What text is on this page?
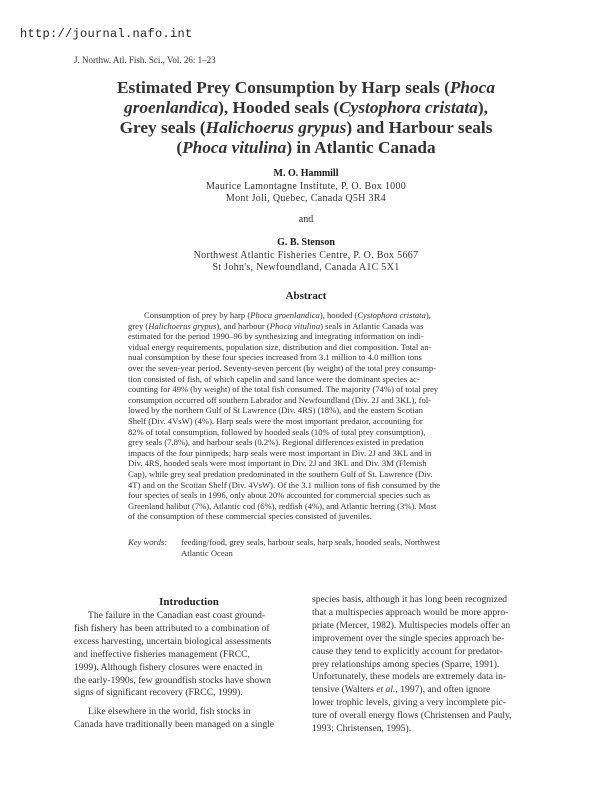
http://journal.nafo.int
J. Northw. Atl. Fish. Sci., Vol. 26: 1–23
Estimated Prey Consumption by Harp seals (Phoca
groenlandica), Hooded seals (Cystophora cristata),
Grey seals (Halichoerus grypus) and Harbour seals
(Phoca vitulina) in Atlantic Canada
M. O. Hammill
Maurice Lamontagne Institute, P. O. Box 1000
Mont Joli, Quebec, Canada Q5H 3R4
and
G. B. Stenson
Northwest Atlantic Fisheries Centre, P. O. Box 5667
St John's, Newfoundland, Canada A1C 5X1
Abstract
Consumption of prey by harp (Phoca groenlandica), hooded (Cystophora cristata),
grey (Halichoerus grypus), and harbour (Phoca vitulina) seals in Atlantic Canada was
estimated for the period 1990–96 by synthesizing and integrating information on indi-
vidual energy requirements, population size, distribution and diet composition. Total an-
nual consumption by these four species increased from 3.1 million to 4.0 million tons
over the seven-year period. Seventy-seven percent (by weight) of the total prey consump-
tion consisted of fish, of which capelin and sand lance were the dominant species ac-
counting for 49% (by weight) of the total fish consumed. The majority (74%) of total prey
consumption occurred off southern Labrador and Newfoundland (Div. 2J and 3KL), fol-
lowed by the northern Gulf of St Lawrence (Div. 4RS) (18%), and the eastern Scotian
Shelf (Div. 4VsW) (4%). Harp seals were the most important predator, accounting for
82% of total consumption, followed by hooded seals (10% of total prey consumption),
grey seals (7.8%), and harbour seals (0.2%). Regional differences existed in predation
impacts of the four pinnipeds; harp seals were most important in Div. 2J and 3KL and in
Div. 4RS, hooded seals were most important in Div. 2J and 3KL and Div. 3M (Flemish
Cap), while grey seal predation predominated in the southern Gulf of St. Lawrence (Div.
4T) and on the Scotian Shelf (Div. 4VsW). Of the 3.1 million tons of fish consumed by the
four species of seals in 1996, only about 20% accounted for commercial species such as
Greenland halibut (7%), Atlantic cod (6%), redfish (4%), and Atlantic herring (3%). Most
of the consumption of these commercial species consisted of juveniles.
Key words: feeding/food, grey seals, harbour seals, harp seals, hooded seals, Northwest
Atlantic Ocean
Introduction
The failure in the Canadian east coast ground-
fish fishery has been attributed to a combination of
excess harvesting, uncertain biological assessments
and ineffective fisheries management (FRCC,
1999). Although fishery closures were enacted in
the early-1990s, few groundfish stocks have shown
signs of significant recovery (FRCC, 1999).
Like elsewhere in the world, fish stocks in
Canada have traditionally been managed on a single
species basis, although it has long been recognized
that a multispecies approach would be more appro-
priate (Mercer, 1982). Multispecies models offer an
improvement over the single species approach be-
cause they tend to explicitly account for predator-
prey relationships among species (Sparre, 1991).
Unfortunately, these models are extremely data in-
tensive (Walters et al., 1997), and often ignore
lower trophic levels, giving a very incomplete pic-
ture of overall energy flows (Christensen and Pauly,
1993; Christensen, 1995).
